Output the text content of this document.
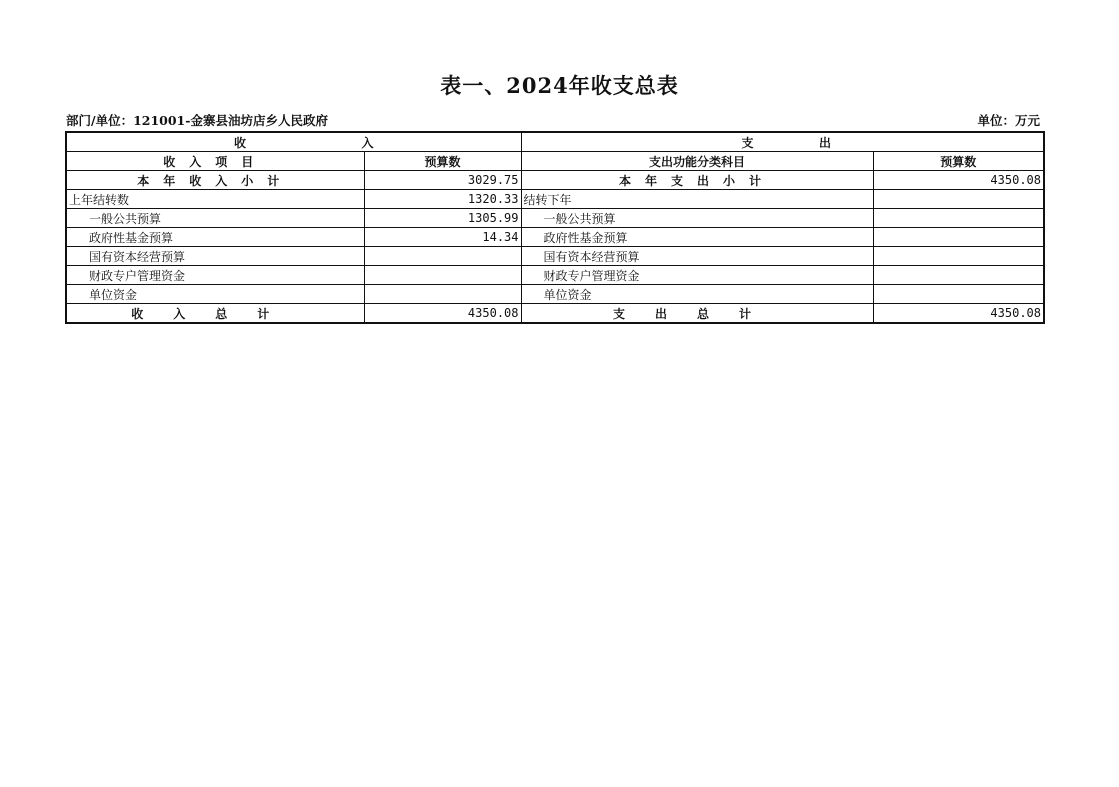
表一、2024年收支总表
部门/单位：121001-金寨县油坊店乡人民政府	单位：万元
收 入		支 出	

收入项目	预算数	支出功能分类科目	预算数
本年收入小计	3029.75	本年支出小计	4350.08
上年结转数	1320.33	结转下年	
一般公共预算	1305.99	一般公共预算	
政府性基金预算	14.34	政府性基金预算	
国有资本经营预算		国有资本经营预算	
财政专户管理资金		财政专户管理资金	
单位资金		单位资金	
收入总计	4350.08	支出总计	4350.08
